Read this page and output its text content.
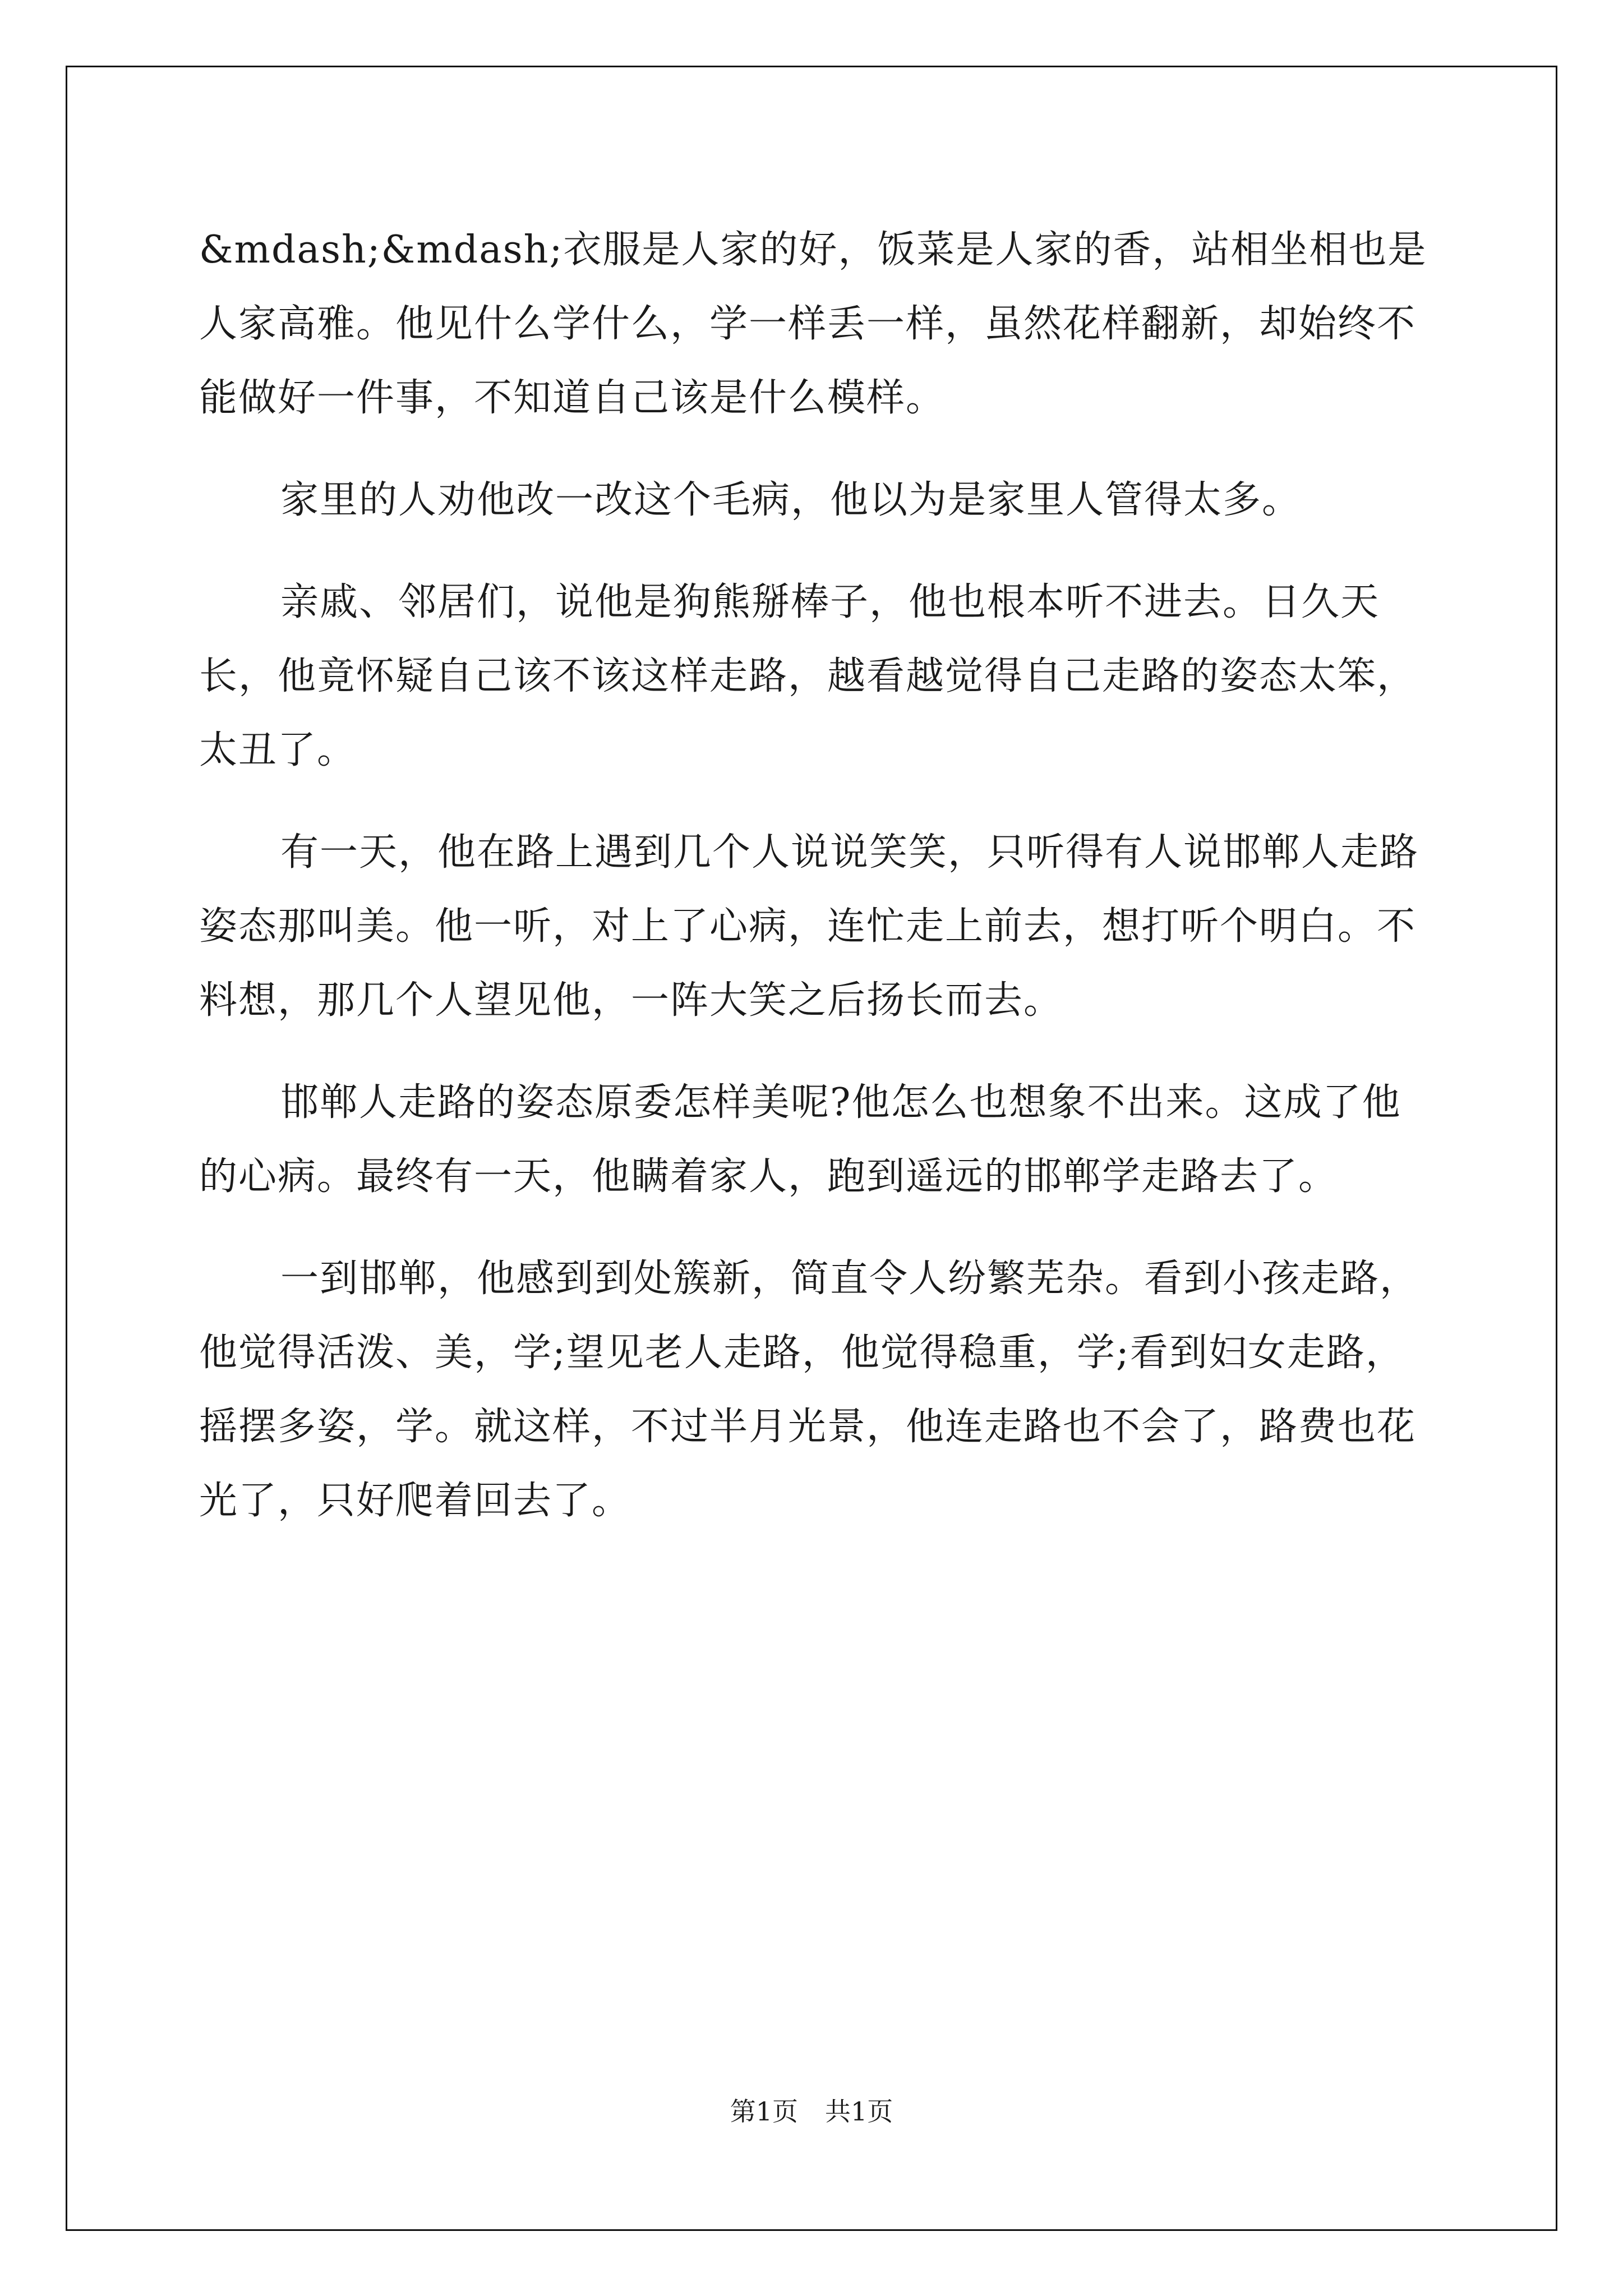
&mdash;&mdash;衣服是人家的好，饭菜是人家的香，站相坐相也是人家高雅。他见什么学什么，学一样丢一样，虽然花样翻新，却始终不能做好一件事，不知道自己该是什么模样。

家里的人劝他改一改这个毛病，他以为是家里人管得太多。

亲戚、邻居们，说他是狗熊掰棒子，他也根本听不进去。日久天长，他竟怀疑自己该不该这样走路，越看越觉得自己走路的姿态太笨，太丑了。

有一天，他在路上遇到几个人说说笑笑，只听得有人说邯郸人走路姿态那叫美。他一听，对上了心病，连忙走上前去，想打听个明白。不料想，那几个人望见他，一阵大笑之后扬长而去。

邯郸人走路的姿态原委怎样美呢?他怎么也想象不出来。这成了他的心病。最终有一天，他瞒着家人，跑到遥远的邯郸学走路去了。

一到邯郸，他感到到处簇新，简直令人纷繁芜杂。看到小孩走路，他觉得活泼、美，学;望见老人走路，他觉得稳重，学;看到妇女走路，摇摆多姿，学。就这样，不过半月光景，他连走路也不会了，路费也花光了，只好爬着回去了。

第1页 共1页
